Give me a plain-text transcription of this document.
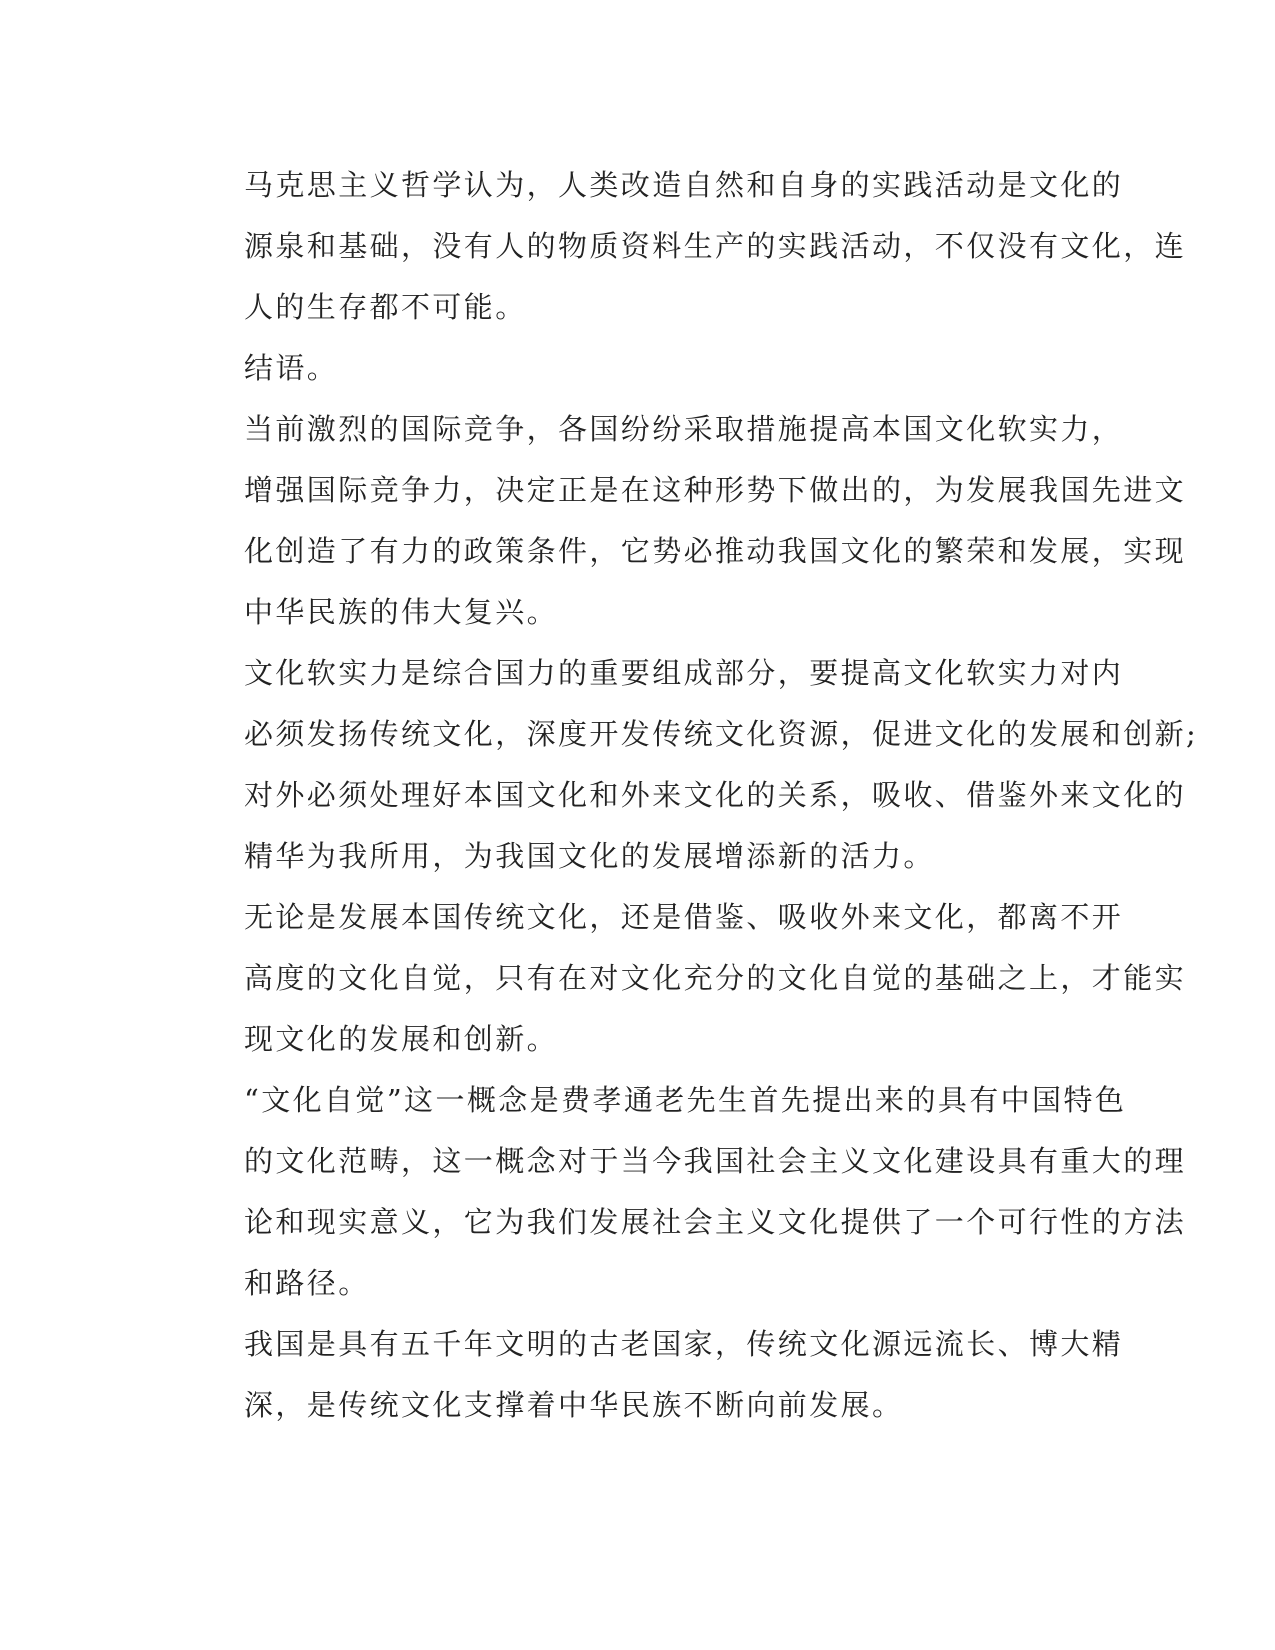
马克思主义哲学认为，人类改造自然和自身的实践活动是文化的
源泉和基础，没有人的物质资料生产的实践活动，不仅没有文化，连
人的生存都不可能。

结语。

当前激烈的国际竞争，各国纷纷采取措施提高本国文化软实力，
增强国际竞争力，决定正是在这种形势下做出的，为发展我国先进文
化创造了有力的政策条件，它势必推动我国文化的繁荣和发展，实现
中华民族的伟大复兴。

文化软实力是综合国力的重要组成部分，要提高文化软实力对内
必须发扬传统文化，深度开发传统文化资源，促进文化的发展和创新;
对外必须处理好本国文化和外来文化的关系，吸收、借鉴外来文化的
精华为我所用，为我国文化的发展增添新的活力。

无论是发展本国传统文化，还是借鉴、吸收外来文化，都离不开
高度的文化自觉，只有在对文化充分的文化自觉的基础之上，才能实
现文化的发展和创新。

“文化自觉”这一概念是费孝通老先生首先提出来的具有中国特色
的文化范畴，这一概念对于当今我国社会主义文化建设具有重大的理
论和现实意义，它为我们发展社会主义文化提供了一个可行性的方法
和路径。

我国是具有五千年文明的古老国家，传统文化源远流长、博大精
深，是传统文化支撑着中华民族不断向前发展。
